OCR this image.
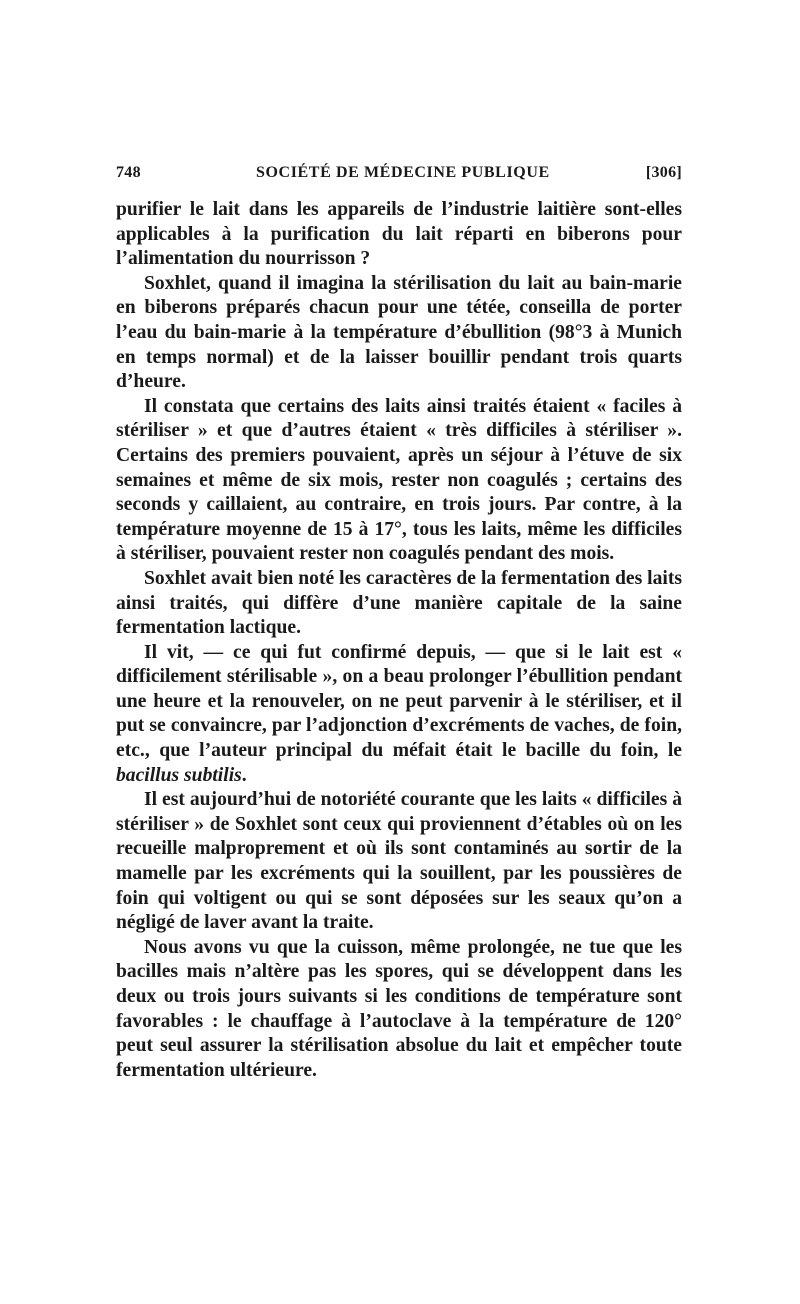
748	SOCIÉTÉ DE MÉDECINE PUBLIQUE	[306]

purifier le lait dans les appareils de l’industrie laitière sont-elles applicables à la purification du lait réparti en biberons pour l’alimentation du nourrisson ?

Soxhlet, quand il imagina la stérilisation du lait au bain-marie en biberons préparés chacun pour une tétée, conseilla de porter l’eau du bain-marie à la température d’ébullition (98°3 à Munich en temps normal) et de la laisser bouillir pendant trois quarts d’heure.

Il constata que certains des laits ainsi traités étaient « faciles à stériliser » et que d’autres étaient « très difficiles à stériliser ». Certains des premiers pouvaient, après un séjour à l’étuve de six semaines et même de six mois, rester non coagulés ; certains des seconds y caillaient, au contraire, en trois jours. Par contre, à la température moyenne de 15 à 17°, tous les laits, même les difficiles à stériliser, pouvaient rester non coagulés pendant des mois.

Soxhlet avait bien noté les caractères de la fermentation des laits ainsi traités, qui diffère d’une manière capitale de la saine fermentation lactique.

Il vit, — ce qui fut confirmé depuis, — que si le lait est « difficilement stérilisable », on a beau prolonger l’ébullition pendant une heure et la renouveler, on ne peut parvenir à le stériliser, et il put se convaincre, par l’adjonction d’excréments de vaches, de foin, etc., que l’auteur principal du méfait était le bacille du foin, le bacillus subtilis.

Il est aujourd’hui de notoriété courante que les laits « difficiles à stériliser » de Soxhlet sont ceux qui proviennent d’étables où on les recueille malproprement et où ils sont contaminés au sortir de la mamelle par les excréments qui la souillent, par les poussières de foin qui voltigent ou qui se sont déposées sur les seaux qu’on a négligé de laver avant la traite.

Nous avons vu que la cuisson, même prolongée, ne tue que les bacilles mais n’altère pas les spores, qui se développent dans les deux ou trois jours suivants si les conditions de température sont favorables : le chauffage à l’autoclave à la température de 120° peut seul assurer la stérilisation absolue du lait et empêcher toute fermentation ultérieure.
